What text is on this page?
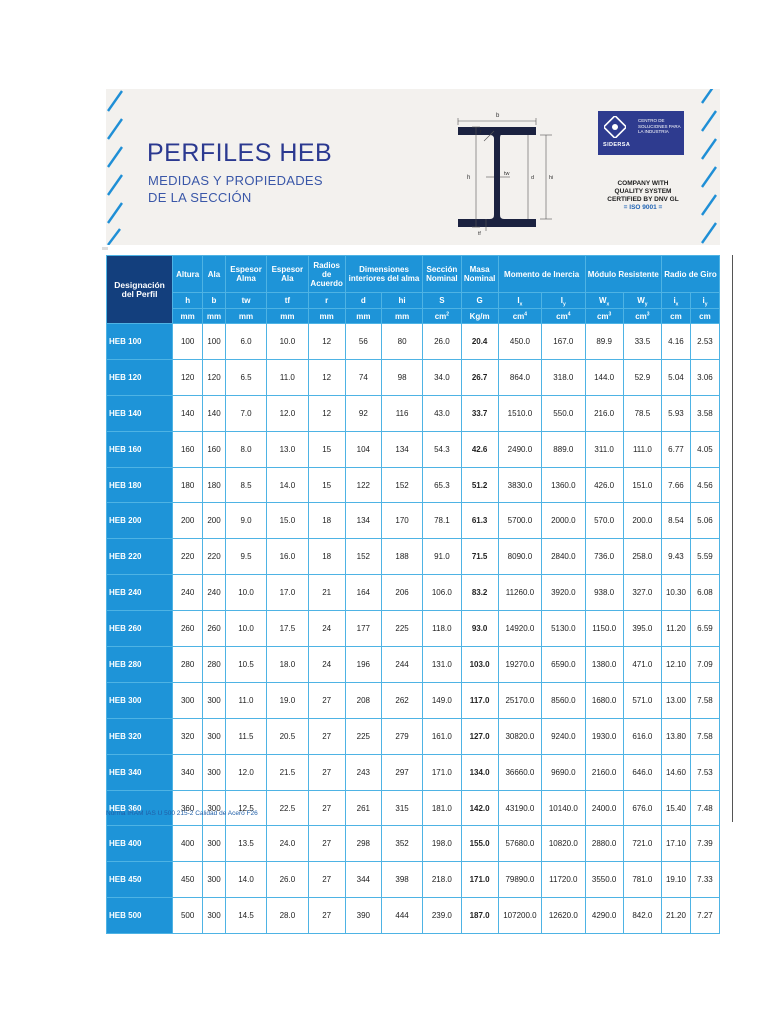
PERFILES HEB
MEDIDAS Y PROPIEDADES
DE LA SECCIÓN
b
r
tw
d	hi
h
tf
SIDERSA
CENTRO DE SOLUCIONES PARA LA INDUSTRIA
COMPANY WITH
QUALITY SYSTEM
CERTIFIED BY DNV GL
= ISO 9001 =
Designación del Perfil	Altura	Ala	Espesor Alma	Espesor Ala	Radios de Acuerdo	Dimensiones interiores del alma		Sección Nominal	Masa Nominal	Momento de Inercia		Módulo Resistente		Radio de Giro	
	h	b	tw	tf	r	d	hi	S	G	$I_x$	$I_y$	$W_x$	$W_y$	$i_x$	$i_y$
	mm	mm	mm	mm	mm	mm	mm	$cm^2$	Kg/m	$cm^4$	$cm^4$	$cm^3$	$cm^3$	cm	cm
HEB 100	100	100	6.0	10.0	12	56	80	26.0	20.4	450.0	167.0	89.9	33.5	4.16	2.53
HEB 120	120	120	6.5	11.0	12	74	98	34.0	26.7	864.0	318.0	144.0	52.9	5.04	3.06
HEB 140	140	140	7.0	12.0	12	92	116	43.0	33.7	1510.0	550.0	216.0	78.5	5.93	3.58
HEB 160	160	160	8.0	13.0	15	104	134	54.3	42.6	2490.0	889.0	311.0	111.0	6.77	4.05
HEB 180	180	180	8.5	14.0	15	122	152	65.3	51.2	3830.0	1360.0	426.0	151.0	7.66	4.56
HEB 200	200	200	9.0	15.0	18	134	170	78.1	61.3	5700.0	2000.0	570.0	200.0	8.54	5.06
HEB 220	220	220	9.5	16.0	18	152	188	91.0	71.5	8090.0	2840.0	736.0	258.0	9.43	5.59
HEB 240	240	240	10.0	17.0	21	164	206	106.0	83.2	11260.0	3920.0	938.0	327.0	10.30	6.08
HEB 260	260	260	10.0	17.5	24	177	225	118.0	93.0	14920.0	5130.0	1150.0	395.0	11.20	6.59
HEB 280	280	280	10.5	18.0	24	196	244	131.0	103.0	19270.0	6590.0	1380.0	471.0	12.10	7.09
HEB 300	300	300	11.0	19.0	27	208	262	149.0	117.0	25170.0	8560.0	1680.0	571.0	13.00	7.58
HEB 320	320	300	11.5	20.5	27	225	279	161.0	127.0	30820.0	9240.0	1930.0	616.0	13.80	7.58
HEB 340	340	300	12.0	21.5	27	243	297	171.0	134.0	36660.0	9690.0	2160.0	646.0	14.60	7.53
HEB 360	360	300	12.5	22.5	27	261	315	181.0	142.0	43190.0	10140.0	2400.0	676.0	15.40	7.48
HEB 400	400	300	13.5	24.0	27	298	352	198.0	155.0	57680.0	10820.0	2880.0	721.0	17.10	7.39
HEB 450	450	300	14.0	26.0	27	344	398	218.0	171.0	79890.0	11720.0	3550.0	781.0	19.10	7.33
HEB 500	500	300	14.5	28.0	27	390	444	239.0	187.0	107200.0	12620.0	4290.0	842.0	21.20	7.27
Norma IRAM IAS U 500 215-2 Calidad de Acero F26
